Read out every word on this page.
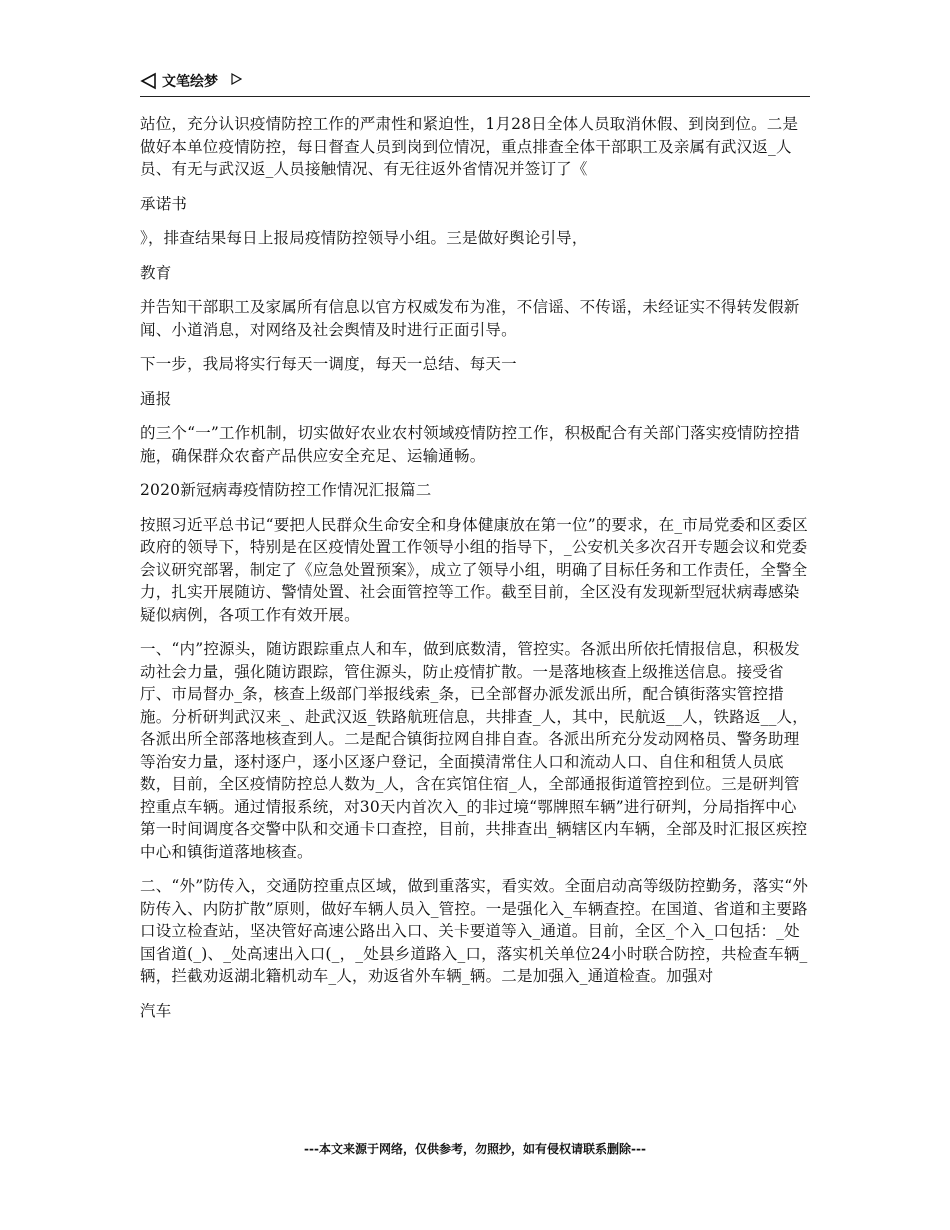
文笔绘梦

站位，充分认识疫情防控工作的严肃性和紧迫性，1月28日全体人员取消休假、到岗到位。二是做好本单位疫情防控，每日督查人员到岗到位情况，重点排查全体干部职工及亲属有武汉返_人员、有无与武汉返_人员接触情况、有无往返外省情况并签订了《

承诺书

》，排查结果每日上报局疫情防控领导小组。三是做好舆论引导，

教育

并告知干部职工及家属所有信息以官方权威发布为准，不信谣、不传谣，未经证实不得转发假新闻、小道消息，对网络及社会舆情及时进行正面引导。

下一步，我局将实行每天一调度，每天一总结、每天一

通报

的三个“一”工作机制，切实做好农业农村领域疫情防控工作，积极配合有关部门落实疫情防控措施，确保群众农畜产品供应安全充足、运输通畅。

2020新冠病毒疫情防控工作情况汇报篇二

按照习近平总书记“要把人民群众生命安全和身体健康放在第一位”的要求，在_市局党委和区委区政府的领导下，特别是在区疫情处置工作领导小组的指导下，_公安机关多次召开专题会议和党委会议研究部署，制定了《应急处置预案》，成立了领导小组，明确了目标任务和工作责任，全警全力，扎实开展随访、警情处置、社会面管控等工作。截至目前，全区没有发现新型冠状病毒感染疑似病例，各项工作有效开展。

一、“内”控源头，随访跟踪重点人和车，做到底数清，管控实。各派出所依托情报信息，积极发动社会力量，强化随访跟踪，管住源头，防止疫情扩散。一是落地核查上级推送信息。接受省厅、市局督办_条，核查上级部门举报线索_条，已全部督办派发派出所，配合镇街落实管控措施。分析研判武汉来_、赴武汉返_铁路航班信息，共排查_人，其中，民航返__人，铁路返__人，各派出所全部落地核查到人。二是配合镇街拉网自排自查。各派出所充分发动网格员、警务助理等治安力量，逐村逐户，逐小区逐户登记，全面摸清常住人口和流动人口、自住和租赁人员底数，目前，全区疫情防控总人数为_人，含在宾馆住宿_人，全部通报街道管控到位。三是研判管控重点车辆。通过情报系统，对30天内首次入_的非过境“鄂牌照车辆”进行研判，分局指挥中心第一时间调度各交警中队和交通卡口查控，目前，共排查出_辆辖区内车辆，全部及时汇报区疾控中心和镇街道落地核查。

二、“外”防传入，交通防控重点区域，做到重落实，看实效。全面启动高等级防控勤务，落实“外防传入、内防扩散”原则，做好车辆人员入_管控。一是强化入_车辆查控。在国道、省道和主要路口设立检查站，坚决管好高速公路出入口、关卡要道等入_通道。目前，全区_个入_口包括：_处国省道(_)、_处高速出入口(_，_处县乡道路入_口，落实机关单位24小时联合防控，共检查车辆_辆，拦截劝返湖北籍机动车_人，劝返省外车辆_辆。二是加强入_通道检查。加强对

汽车

---本文来源于网络，仅供参考，勿照抄，如有侵权请联系删除---
